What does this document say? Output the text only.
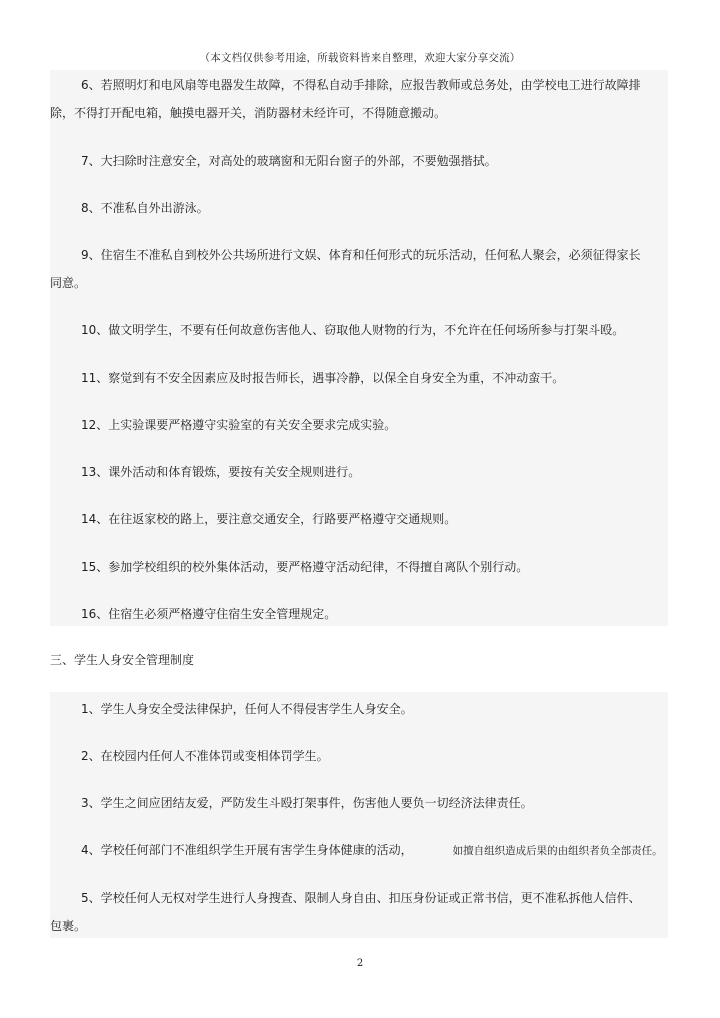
（本文档仅供参考用途，所载资料皆来自整理，欢迎大家分享交流）
6、若照明灯和电风扇等电器发生故障，不得私自动手排除，应报告教师或总务处，由学校电工进行故障排
除，不得打开配电箱，触摸电器开关，消防器材未经许可，不得随意搬动。
7、大扫除时注意安全，对高处的玻璃窗和无阳台窗子的外部，不要勉强揩拭。
8、不准私自外出游泳。
9、住宿生不准私自到校外公共场所进行文娱、体育和任何形式的玩乐活动，任何私人聚会，必须征得家长
同意。
10、做文明学生，不要有任何故意伤害他人、窃取他人财物的行为，不允许在任何场所参与打架斗殴。
11、察觉到有不安全因素应及时报告师长，遇事冷静，以保全自身安全为重，不冲动蛮干。
12、上实验课要严格遵守实验室的有关安全要求完成实验。
13、课外活动和体育锻炼，要按有关安全规则进行。
14、在往返家校的路上，要注意交通安全，行路要严格遵守交通规则。
15、参加学校组织的校外集体活动，要严格遵守活动纪律，不得擅自离队个别行动。
16、住宿生必须严格遵守住宿生安全管理规定。
三、学生人身安全管理制度
1、学生人身安全受法律保护，任何人不得侵害学生人身安全。
2、在校园内任何人不准体罚或变相体罚学生。
3、学生之间应团结友爱，严防发生斗殴打架事件，伤害他人要负一切经济法律责任。
4、学校任何部门不准组织学生开展有害学生身体健康的活动，	如擅自组织造成后果的由组织者负全部责任。
5、学校任何人无权对学生进行人身搜查、限制人身自由、扣压身份证或正常书信，更不准私拆他人信件、
包裹。
2
